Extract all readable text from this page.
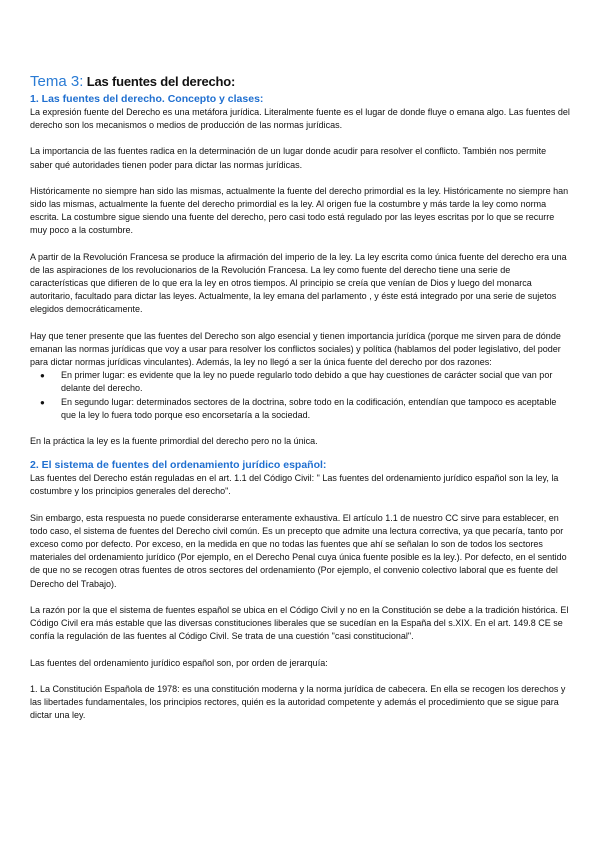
Tema 3: Las fuentes del derecho:
1. Las fuentes del derecho. Concepto y clases:

La expresión fuente del Derecho es una metáfora jurídica. Literalmente fuente es el lugar de donde fluye o emana algo. Las fuentes del derecho son los mecanismos o medios de producción de las normas jurídicas.

La importancia de las fuentes radica en la determinación de un lugar donde acudir para resolver el conflicto. También nos permite saber qué autoridades tienen poder para dictar las normas jurídicas.

Históricamente no siempre han sido las mismas, actualmente la fuente del derecho primordial es la ley. Históricamente no siempre han sido las mismas, actualmente la fuente del derecho primordial es la ley. Al origen fue la costumbre y más tarde la ley como norma escrita. La costumbre sigue siendo una fuente del derecho, pero casi todo está regulado por las leyes escritas por lo que se recurre muy poco a la costumbre.

A partir de la Revolución Francesa se produce la afirmación del imperio de la ley. La ley escrita como única fuente del derecho era una de las aspiraciones de los revolucionarios de la Revolución Francesa. La ley como fuente del derecho tiene una serie de características que difieren de lo que era la ley en otros tiempos. Al principio se creía que venían de Dios y luego del monarca autoritario, facultado para dictar las leyes. Actualmente, la ley emana del parlamento , y éste está integrado por una serie de sujetos elegidos democráticamente.

Hay que tener presente que las fuentes del Derecho son algo esencial y tienen importancia jurídica (porque me sirven para de dónde emanan las normas jurídicas que voy a usar para resolver los conflictos sociales) y política (hablamos del poder legislativo, del poder para dictar normas jurídicas vinculantes). Además, la ley no llegó a ser la única fuente del derecho por dos razones:

● En primer lugar: es evidente que la ley no puede regularlo todo debido a que hay cuestiones de carácter social que van por delante del derecho.
● En segundo lugar: determinados sectores de la doctrina, sobre todo en la codificación, entendían que tampoco es aceptable que la ley lo fuera todo porque eso encorsetaría a la sociedad.

En la práctica la ley es la fuente primordial del derecho pero no la única.

2. El sistema de fuentes del ordenamiento jurídico español:

Las fuentes del Derecho están reguladas en el art. 1.1 del Código Civil: " Las fuentes del ordenamiento jurídico español son la ley, la costumbre y los principios generales del derecho".

Sin embargo, esta respuesta no puede considerarse enteramente exhaustiva. El artículo 1.1 de nuestro CC sirve para establecer, en todo caso, el sistema de fuentes del Derecho civil común. Es un precepto que admite una lectura correctiva, ya que pecaría, tanto por exceso como por defecto. Por exceso, en la medida en que no todas las fuentes que ahí se señalan lo son de todos los sectores materiales del ordenamiento jurídico (Por ejemplo, en el Derecho Penal cuya única fuente posible es la ley.). Por defecto, en el sentido de que no se recogen otras fuentes de otros sectores del ordenamiento (Por ejemplo, el convenio colectivo laboral que es fuente del Derecho del Trabajo).

La razón por la que el sistema de fuentes español se ubica en el Código Civil y no en la Constitución se debe a la tradición histórica. El Código Civil era más estable que las diversas constituciones liberales que se sucedían en la España del s.XIX. En el art. 149.8 CE se confía la regulación de las fuentes al Código Civil. Se trata de una cuestión "casi constitucional".

Las fuentes del ordenamiento jurídico español son, por orden de jerarquía:

1. La Constitución Española de 1978: es una constitución moderna y la norma jurídica de cabecera. En ella se recogen los derechos y las libertades fundamentales, los principios rectores, quién es la autoridad competente y además el procedimiento que se sigue para dictar una ley.
